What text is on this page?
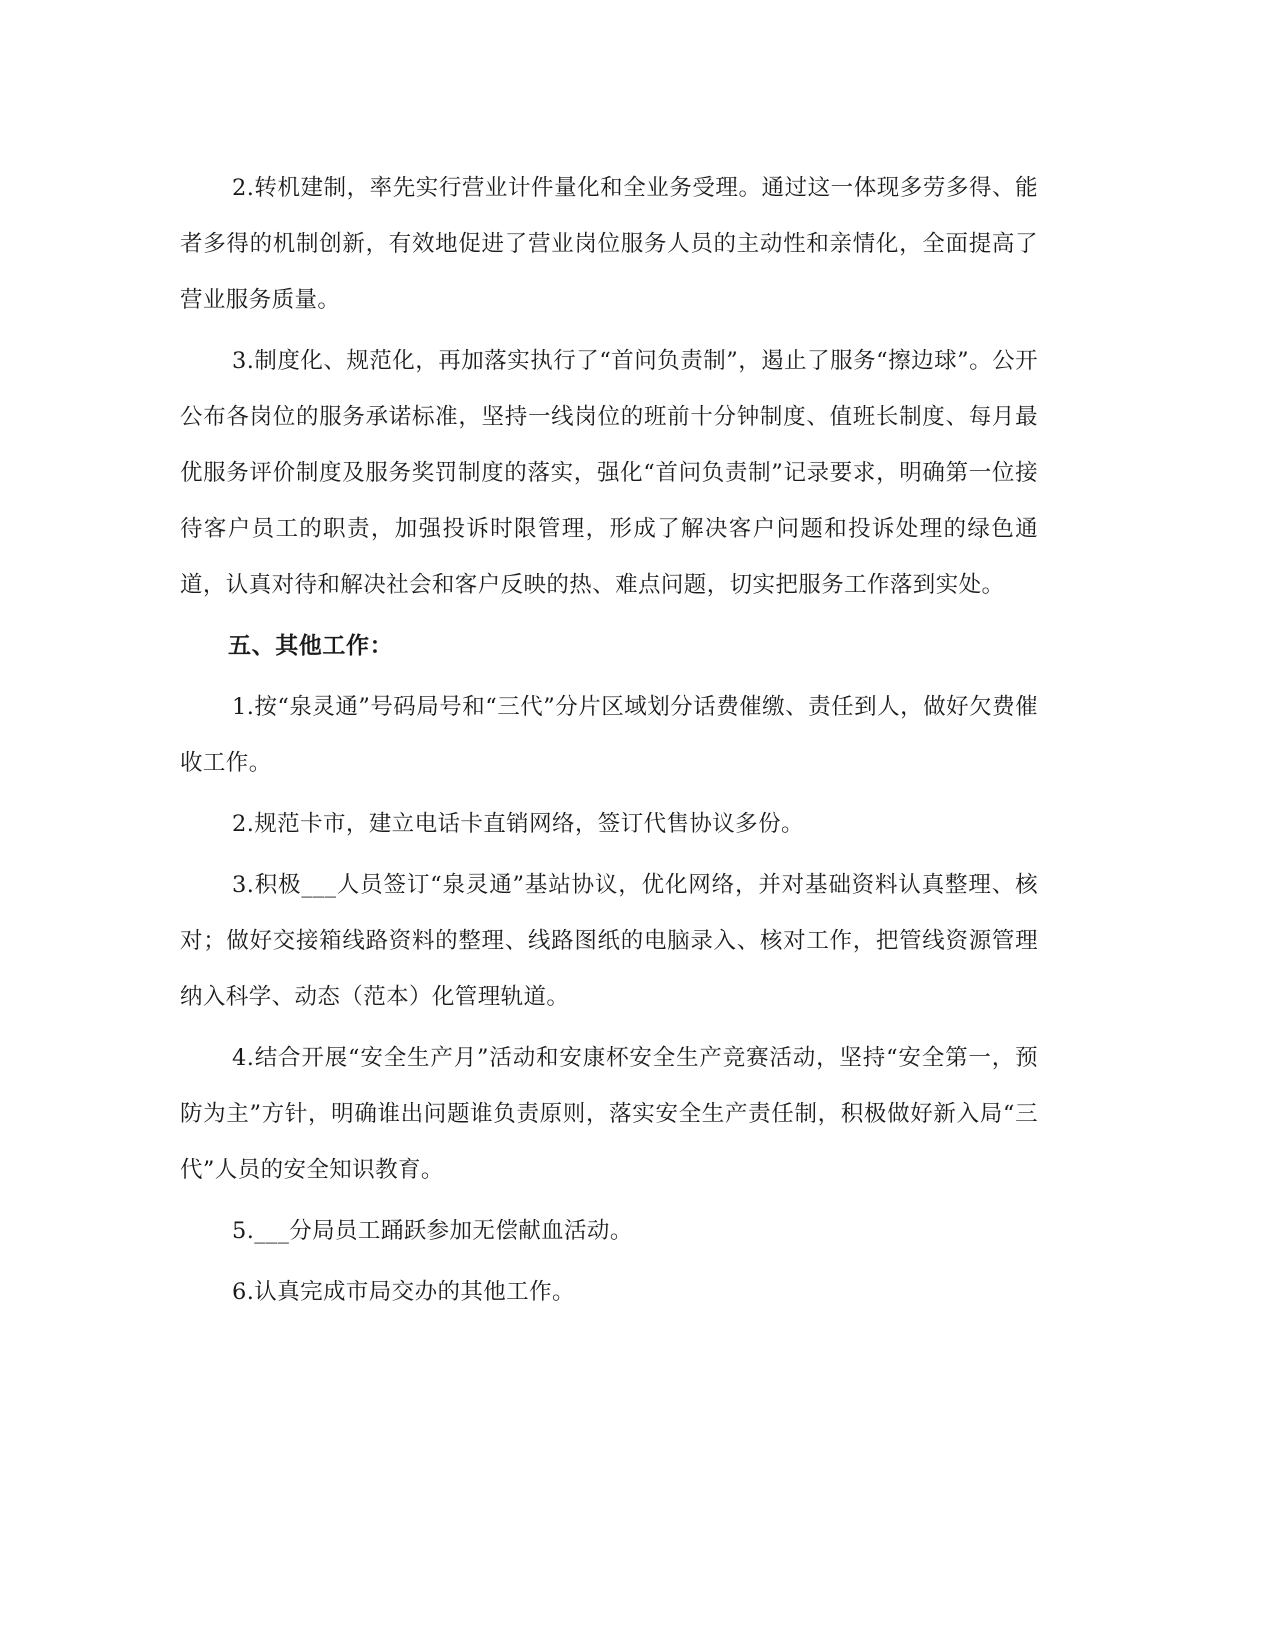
2.转机建制，率先实行营业计件量化和全业务受理。通过这一体现多劳多得、能者多得的机制创新，有效地促进了营业岗位服务人员的主动性和亲情化，全面提高了营业服务质量。

3.制度化、规范化，再加落实执行了“首问负责制”，遏止了服务“擦边球”。公开公布各岗位的服务承诺标准，坚持一线岗位的班前十分钟制度、值班长制度、每月最优服务评价制度及服务奖罚制度的落实，强化“首问负责制”记录要求，明确第一位接待客户员工的职责，加强投诉时限管理，形成了解决客户问题和投诉处理的绿色通道，认真对待和解决社会和客户反映的热、难点问题，切实把服务工作落到实处。

五、其他工作：

1.按“泉灵通”号码局号和“三代”分片区域划分话费催缴、责任到人，做好欠费催收工作。

2.规范卡市，建立电话卡直销网络，签订代售协议多份。

3.积极___人员签订“泉灵通”基站协议，优化网络，并对基础资料认真整理、核对；做好交接箱线路资料的整理、线路图纸的电脑录入、核对工作，把管线资源管理纳入科学、动态（范本）化管理轨道。

4.结合开展“安全生产月”活动和安康杯安全生产竞赛活动，坚持“安全第一，预防为主”方针，明确谁出问题谁负责原则，落实安全生产责任制，积极做好新入局“三代”人员的安全知识教育。

5.___分局员工踊跃参加无偿献血活动。

6.认真完成市局交办的其他工作。
